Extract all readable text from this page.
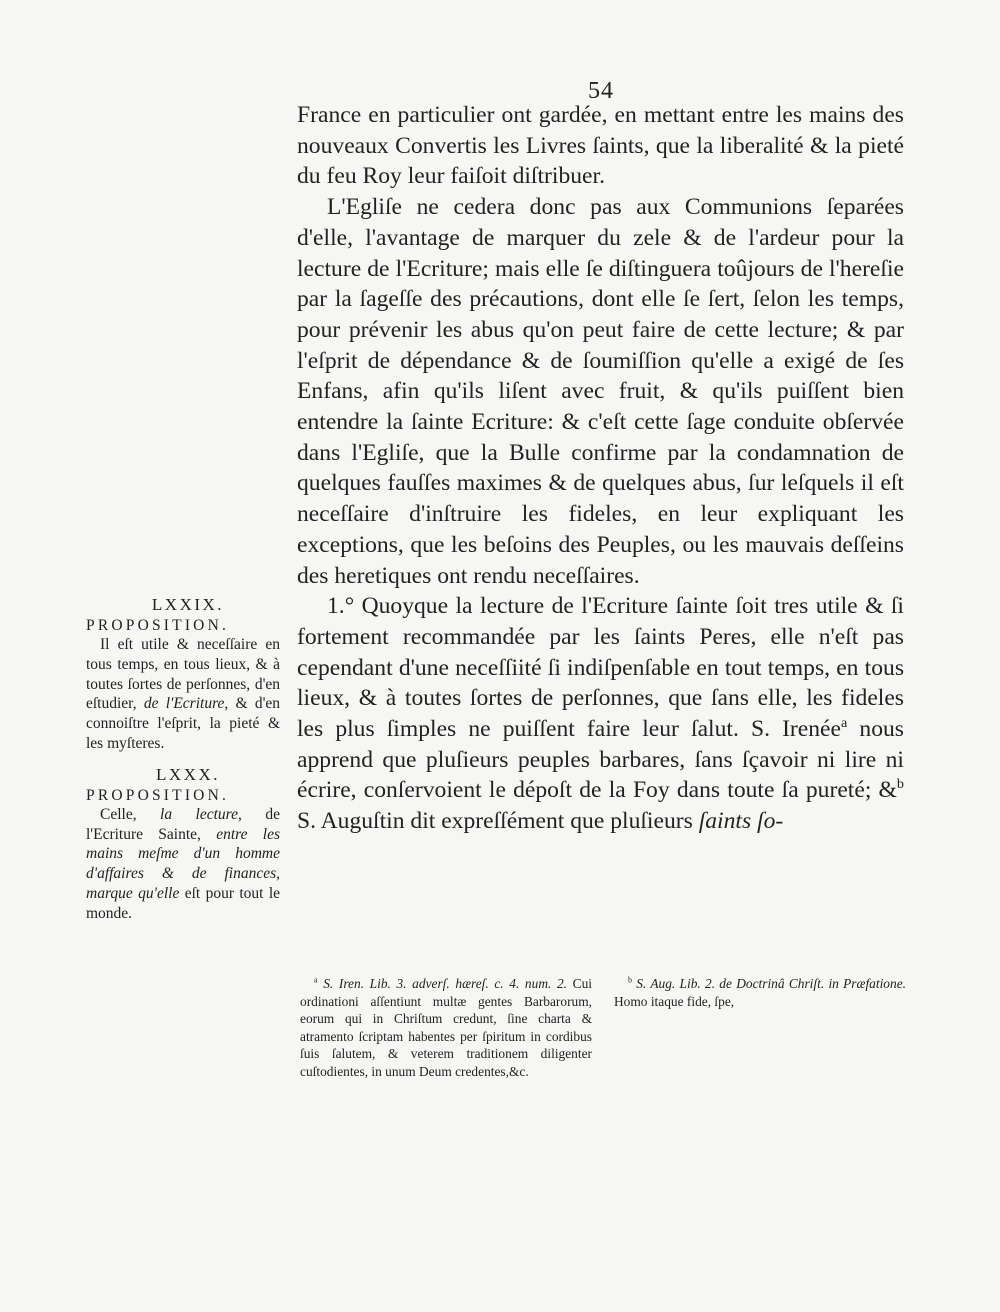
54

France en particulier ont gardée, en mettant entre les mains des nouveaux Convertis les Livres ſaints, que la liberalité & la pieté du feu Roy leur faiſoit diſtribuer.

L'Egliſe ne cedera donc pas aux Communions ſeparées d'elle, l'avantage de marquer du zele & de l'ardeur pour la lecture de l'Ecriture; mais elle ſe diſtinguera toûjours de l'hereſie par la ſageſſe des précautions, dont elle ſe ſert, ſelon les temps, pour prévenir les abus qu'on peut faire de cette lecture; & par l'eſprit de dépendance & de ſoumiſſion qu'elle a exigé de ſes Enfans, afin qu'ils liſent avec fruit, & qu'ils puiſſent bien entendre la ſainte Ecriture: & c'eſt cette ſage conduite obſervée dans l'Egliſe, que la Bulle confirme par la condamnation de quelques fauſſes maximes & de quelques abus, ſur leſquels il eſt neceſſaire d'inſtruire les fideles, en leur expliquant les exceptions, que les beſoins des Peuples, ou les mauvais deſſeins des heretiques ont rendu neceſſaires.

1.° Quoyque la lecture de l'Ecriture ſainte ſoit tres utile & ſi fortement recommandée par les ſaints Peres, elle n'eſt pas cependant d'une neceſſiité ſi indiſpenſable en tout temps, en tous lieux, & à toutes ſortes de perſonnes, que ſans elle, les fideles les plus ſimples ne puiſſent faire leur ſalut. S. Irenée$^a$ nous apprend que pluſieurs peuples barbares, ſans ſçavoir ni lire ni écrire, conſervoient le dépoſt de la Foy dans toute ſa pureté; &$^b$ S. Auguſtin dit expreſſément que pluſieurs ſaints ſo-

LXXIX.
PROPOSITION.
Il eſt utile & neceſſaire en tous temps, en tous lieux, & à toutes ſortes de perſonnes, d'en eſtudier, de l'Ecriture, & d'en connoiſtre l'eſprit, la pieté & les myſteres.
LXXX.
PROPOSITION.
Celle, la lecture, de l'Ecriture Sainte, entre les mains meſme d'un homme d'affaires & de finances, marque qu'elle eſt pour tout le monde.

$^a$ S. Iren. Lib. 3. adverſ. hæreſ. c. 4. num. 2. Cui ordinationi aſſentiunt multæ gentes Barbarorum, eorum qui in Chriſtum credunt, ſine charta & atramento ſcriptam habentes per ſpiritum in cordibus ſuis ſalutem, & veterem traditionem diligenter cuſtodientes, in unum Deum credentes,&c.

$^b$ S. Aug. Lib. 2. de Doctrinâ Chriſt. in Præfatione. Homo itaque fide, ſpe,
